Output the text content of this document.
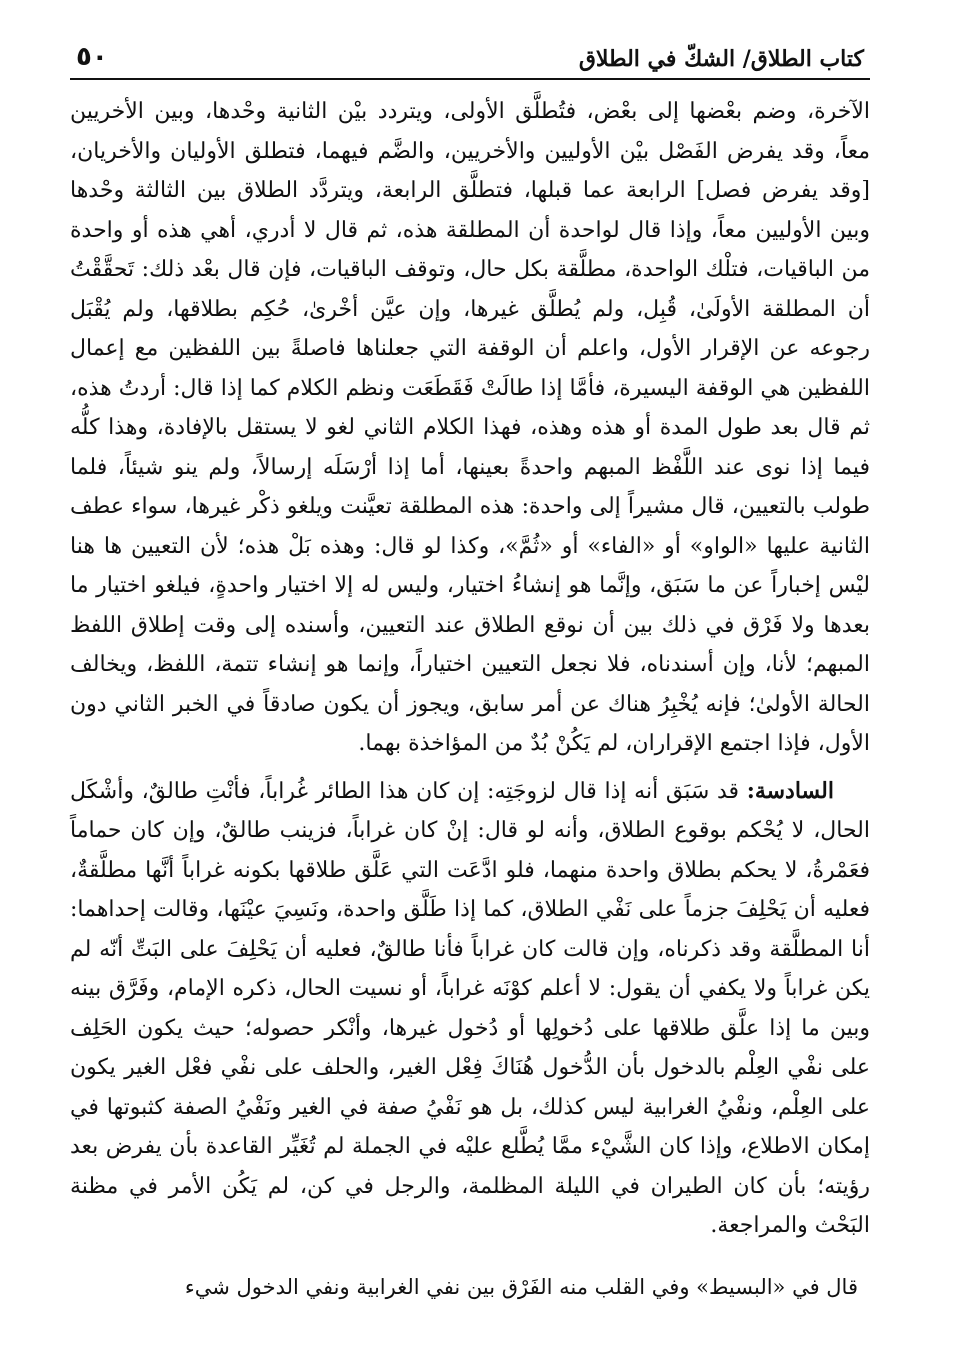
كتاب الطلاق/ الشكّ في الطلاق
٥٠

الآخرة، وضم بعْضها إلى بعْض، فتُطلَّق الأولى، ويتردد بيْن الثانية وحْدها، وبين الأخريين معاً، وقد يفرض الفَصْل بيْن الأوليين والأخريين، والضَّم فيهما، فتطلق الأوليان والأخريان، [وقد يفرض فصل] الرابعة عما قبلها، فتطلَّق الرابعة، ويتردَّد الطلاق بين الثالثة وحْدها وبين الأوليين معاً، وإذا قال لواحدة أن المطلقة هذه، ثم قال لا أدري، أهي هذه أو واحدة من الباقيات، فتلْك الواحدة، مطلَّقة بكل حال، وتوقف الباقيات، فإن قال بعْد ذلك: تَحقَّقْتُ أن المطلقة الأولَىٰ، قُبِل، ولم يُطلَّق غيرها، وإن عيَّن أخْرىٰ، حُكِم بطلاقها، ولم يُقْبَل رجوعه عن الإقرار الأول، واعلم أن الوقفة التي جعلناها فاصلةً بين اللفظين مع إعمال اللفظين هي الوقفة اليسيرة، فأمَّا إذا طالَتْ فَقَطَعَت ونظم الكلام كما إذا قال: أردتُ هذه، ثم قال بعد طول المدة أو هذه وهذه، فهذا الكلام الثاني لغو لا يستقل بالإفادة، وهذا كلُّه فيما إذا نوى عند اللَّفْظ المبهم واحدةً بعينها، أما إذا أرْسَلَه إرسالاً، ولم ينو شيئاً، فلما طولب بالتعيين، قال مشيراً إلى واحدة: هذه المطلقة تعيَّنت ويلغو ذكْر غيرها، سواء عطف الثانية عليها «الواو» أو «الفاء» أو «ثُمَّ»، وكذا لو قال: وهذه بَلْ هذه؛ لأن التعيين ها هنا ليْس إخباراً عن ما سَبَق، وإنَّما هو إنشاءُ اختيار، وليس له إلا اختيار واحدةٍ، فيلغو اختيار ما بعدها ولا فَرْق في ذلك بين أن نوقع الطلاق عند التعيين، وأسنده إلى وقت إطلاق اللفظ المبهم؛ لأنا، وإن أسندناه، فلا نجعل التعيين اختياراً، وإنما هو إنشاء تتمة، اللفظ، ويخالف الحالة الأولىٰ؛ فإنه يُخْبِرُ هناك عن أمر سابق، ويجوز أن يكون صادقاً في الخبر الثاني دون الأول، فإذا اجتمع الإقراران، لم يَكُنْ بُدٌ من المؤاخذة بهما.

السادسة: قد سَبَق أنه إذا قال لزوجَتِه: إن كان هذا الطائر غُراباً، فأنْتِ طالقٌ، وأشْكَل الحال، لا يُحْكم بوقوع الطلاق، وأنه لو قال: إنْ كان غراباً، فزينب طالقٌ، وإن كان حماماً فعَمْرةُ، لا يحكم بطلاق واحدة منهما، فلو ادَّعَت التي عَلَّق طلاقها بكونه غراباً أنَّها مطلَّقةٌ، فعليه أن يَحْلِفَ جزماً على نَفْي الطلاق، كما إذا طَلَّق واحدة، ونَسِيَ عيْنَها، وقالت إحداهما: أنا المطلَّقة وقد ذكرناه، وإن قالت كان غراباً فأنا طالقٌ، فعليه أن يَحْلِفَ على البَتِّ أنّه لم يكن غراباً ولا يكفي أن يقول: لا أعلم كوْنَه غراباً، أو نسيت الحال، ذكره الإمام، وفَرَّق بينه وبين ما إذا علَّق طلاقها على دُخولِها أو دُخول غيرها، وأنْكر حصوله؛ حيث يكون الحَلِف على نفْي العِلْم بالدخول بأن الدُّخول هُنَاكَ فِعْل الغير، والحلف على نفْي فعْل الغير يكون على العِلْم، ونفْيُ الغرابية ليس كذلك، بل هو نَفْيُ صفة في الغير ونَفْيُ الصفة كثبوتها في إمكان الاطلاع، وإذا كان الشَّيْء ممَّا يُطَّلع عليْه في الجملة لم تُغَيِّر القاعدة بأن يفرض بعد رؤيته؛ بأن كان الطيران في الليلة المظلمة، والرجل في كن، لم يَكُن الأمر في مظنة البَحْث والمراجعة.

قال في «البسيط» وفي القلب منه الفَرْق بين نفي الغرابية ونفي الدخول شيء
